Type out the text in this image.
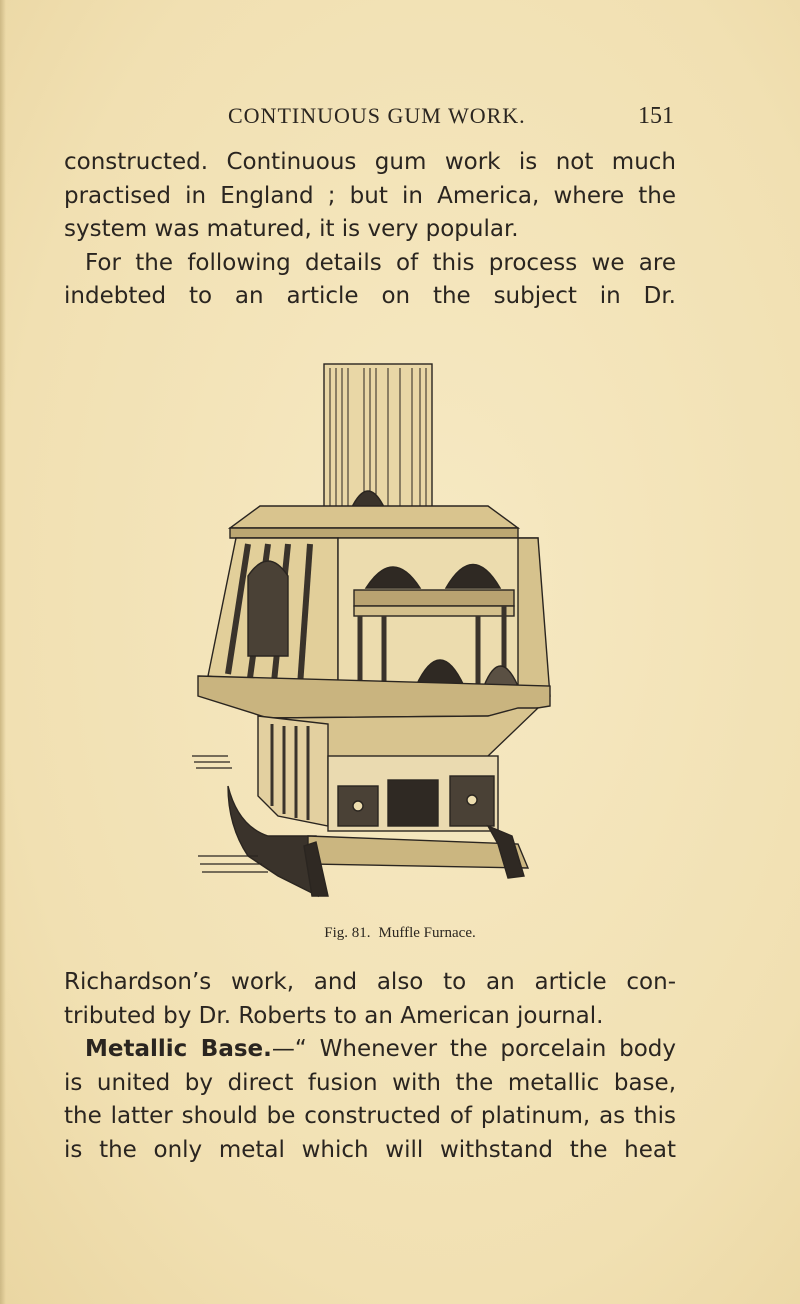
CONTINUOUS GUM WORK.	151

constructed. Continuous gum work is not much

practised in England ; but in America, where the

system was matured, it is very popular.

For the following details of this process we are

indebted to an article on the subject in Dr.

Fig. 81. Muffle Furnace.

Richardson’s work, and also to an article con-

tributed by Dr. Roberts to an American journal.

Metallic Base.—“ Whenever the porcelain body

is united by direct fusion with the metallic base,

the latter should be constructed of platinum, as this

is the only metal which will withstand the heat
